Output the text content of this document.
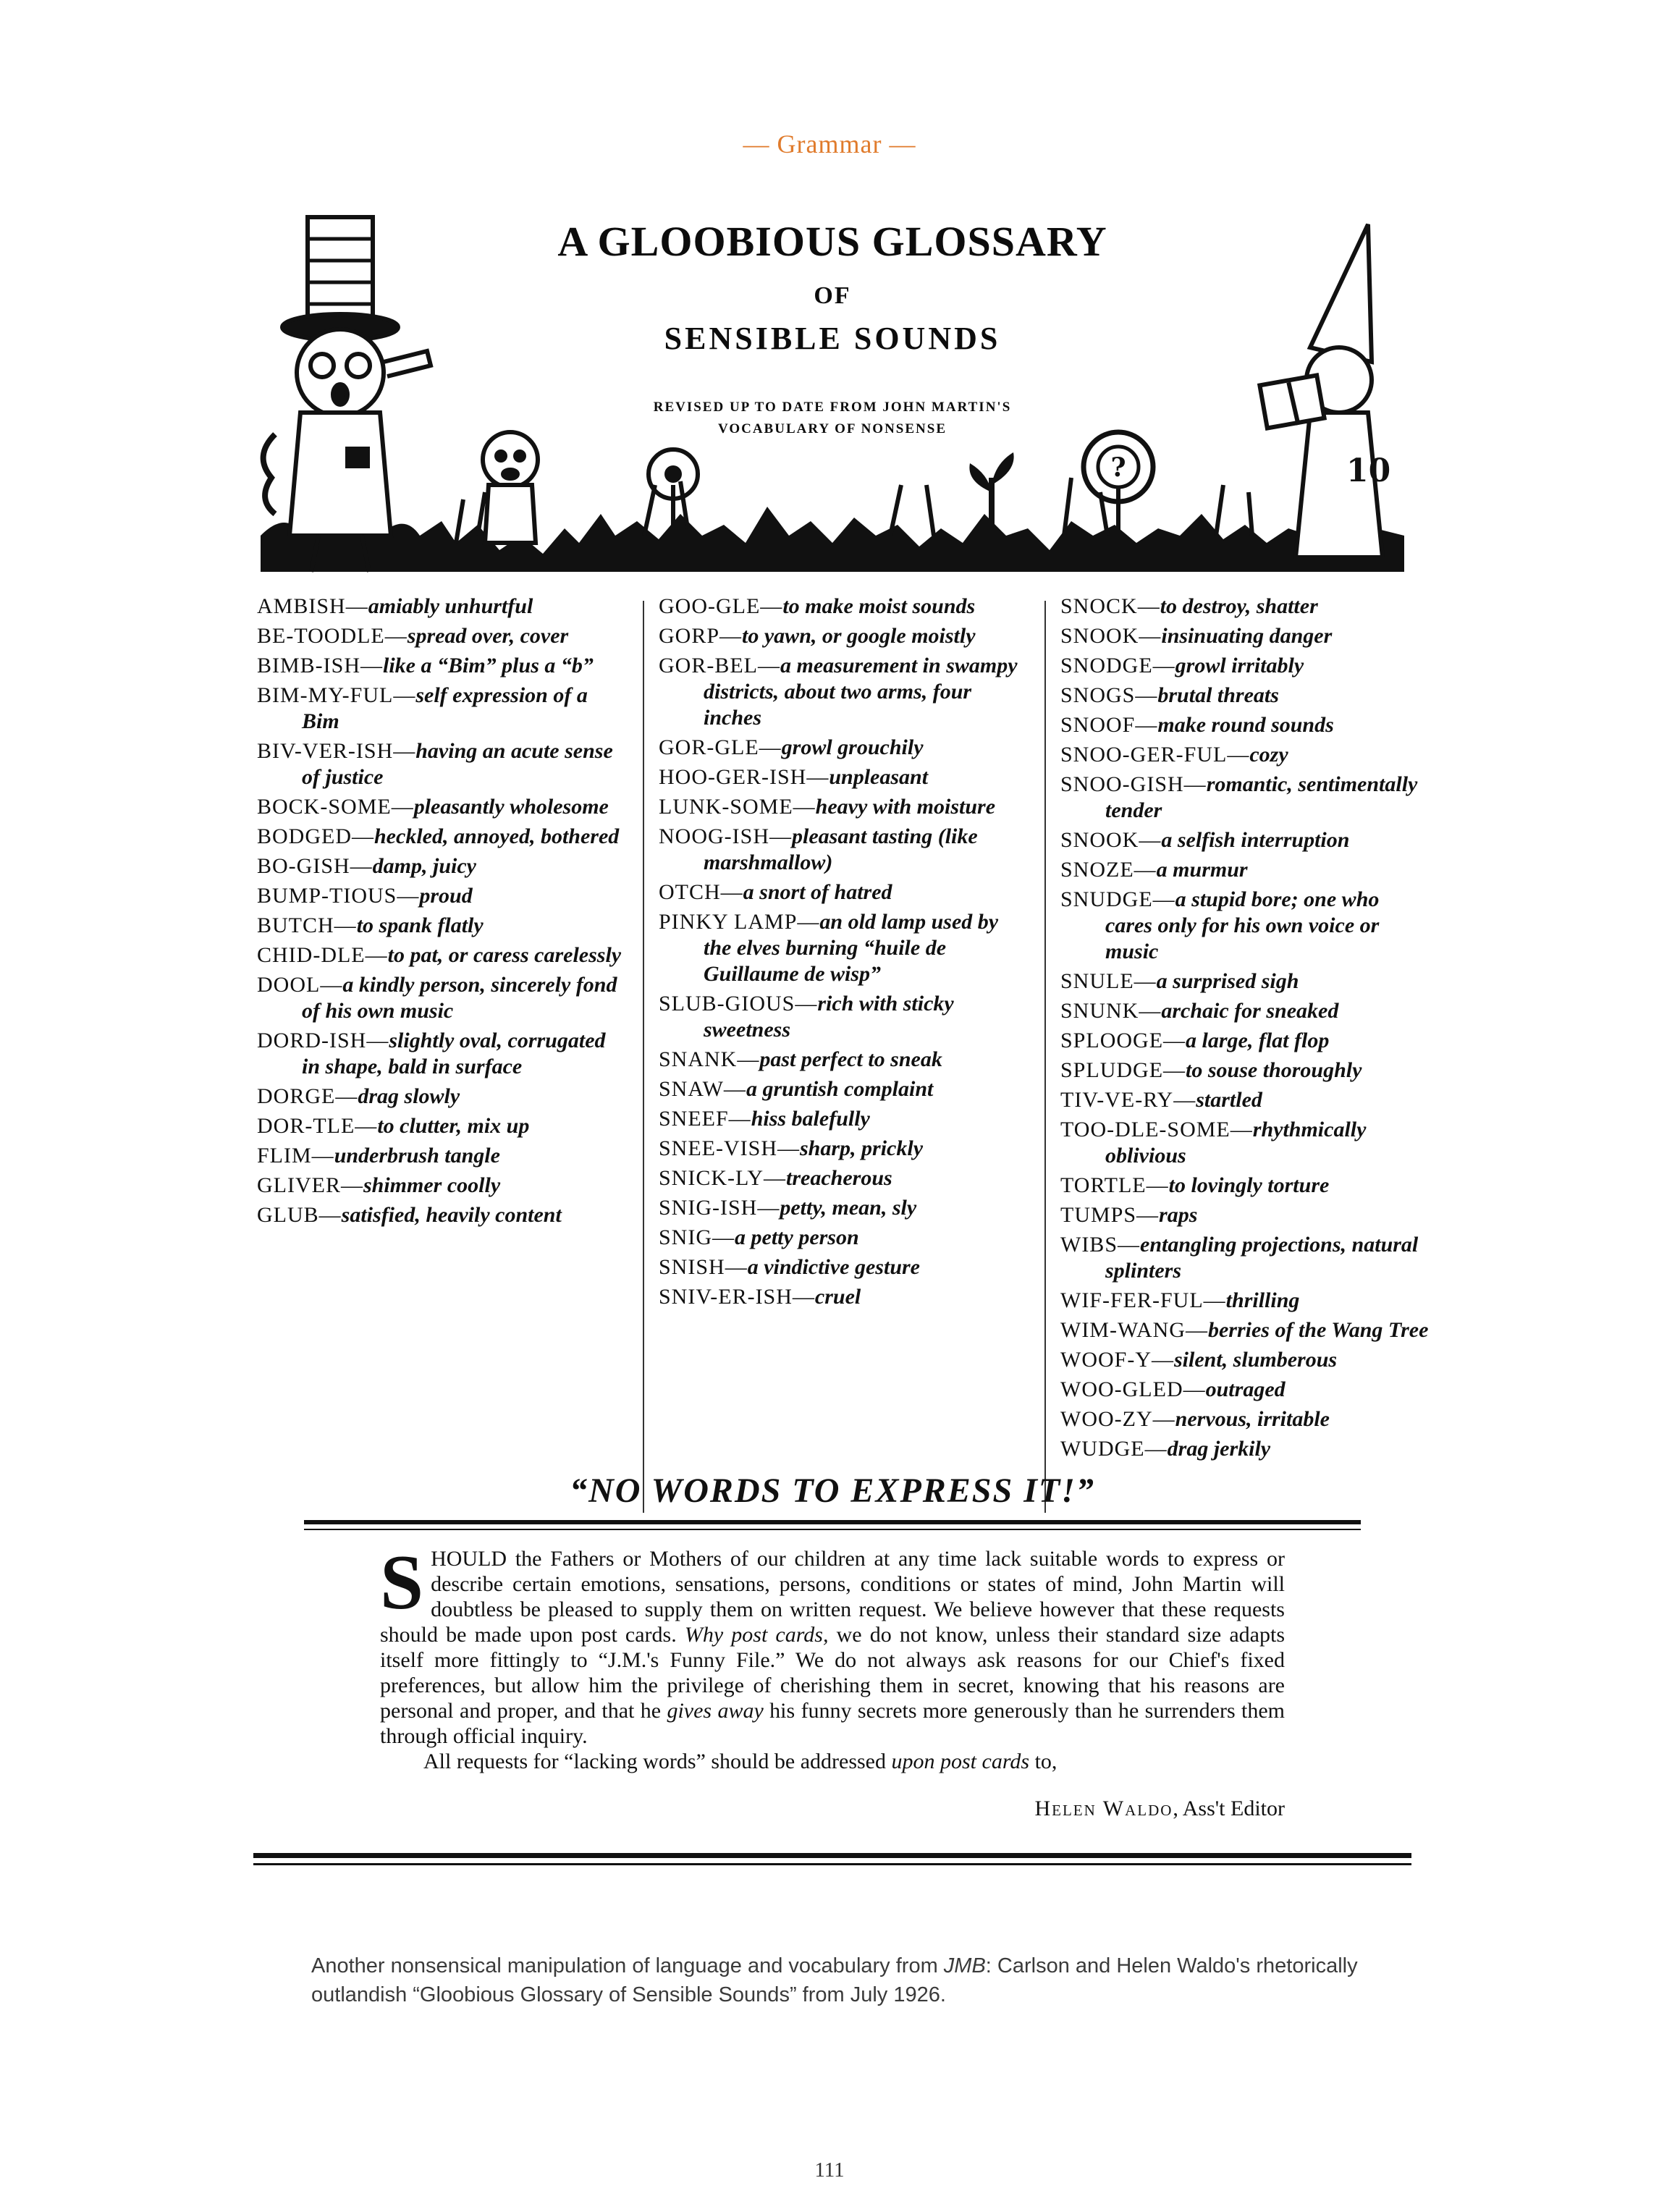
— Grammar —
?	10
A GLOOBIOUS GLOSSARY
OF
SENSIBLE SOUNDS
REVISED UP TO DATE FROM JOHN MARTIN'S
VOCABULARY OF NONSENSE
AMBISH—amiably unhurtful
BE-TOODLE—spread over, cover
BIMB-ISH—like a “Bim” plus a “b”
BIM-MY-FUL—self expression of a Bim
BIV-VER-ISH—having an acute sense of justice
BOCK-SOME—pleasantly wholesome
BODGED—heckled, annoyed, bothered
BO-GISH—damp, juicy
BUMP-TIOUS—proud
BUTCH—to spank flatly
CHID-DLE—to pat, or caress carelessly
DOOL—a kindly person, sincerely fond of his own music
DORD-ISH—slightly oval, corrugated in shape, bald in surface
DORGE—drag slowly
DOR-TLE—to clutter, mix up
FLIM—underbrush tangle
GLIVER—shimmer coolly
GLUB—satisfied, heavily content
GOO-GLE—to make moist sounds
GORP—to yawn, or google moistly
GOR-BEL—a measurement in swampy districts, about two arms, four inches
GOR-GLE—growl grouchily
HOO-GER-ISH—unpleasant
LUNK-SOME—heavy with moisture
NOOG-ISH—pleasant tasting (like marshmallow)
OTCH—a snort of hatred
PINKY LAMP—an old lamp used by the elves burning “huile de Guillaume de wisp”
SLUB-GIOUS—rich with sticky sweetness
SNANK—past perfect to sneak
SNAW—a gruntish complaint
SNEEF—hiss balefully
SNEE-VISH—sharp, prickly
SNICK-LY—treacherous
SNIG-ISH—petty, mean, sly
SNIG—a petty person
SNISH—a vindictive gesture
SNIV-ER-ISH—cruel
SNOCK—to destroy, shatter
SNOOK—insinuating danger
SNODGE—growl irritably
SNOGS—brutal threats
SNOOF—make round sounds
SNOO-GER-FUL—cozy
SNOO-GISH—romantic, sentimentally tender
SNOOK—a selfish interruption
SNOZE—a murmur
SNUDGE—a stupid bore; one who cares only for his own voice or music
SNULE—a surprised sigh
SNUNK—archaic for sneaked
SPLOOGE—a large, flat flop
SPLUDGE—to souse thoroughly
TIV-VE-RY—startled
TOO-DLE-SOME—rhythmically oblivious
TORTLE—to lovingly torture
TUMPS—raps
WIBS—entangling projections, natural splinters
WIF-FER-FUL—thrilling
WIM-WANG—berries of the Wang Tree
WOOF-Y—silent, slumberous
WOO-GLED—outraged
WOO-ZY—nervous, irritable
WUDGE—drag jerkily
“NO WORDS TO EXPRESS IT!”

SHOULD the Fathers or Mothers of our children at any time lack suitable words to express or describe certain emotions, sensations, persons, conditions or states of mind, John Martin will doubtless be pleased to supply them on written request. We believe however that these requests should be made upon post cards. Why post cards, we do not know, unless their standard size adapts itself more fittingly to “J.M.'s Funny File.” We do not always ask reasons for our Chief's fixed preferences, but allow him the privilege of cherishing them in secret, knowing that his reasons are personal and proper, and that he gives away his funny secrets more generously than he surrenders them through official inquiry.

All requests for “lacking words” should be addressed upon post cards to,

Helen Waldo, Ass't Editor

Another nonsensical manipulation of language and vocabulary from JMB: Carlson and Helen Waldo's rhetorically outlandish “Gloobious Glossary of Sensible Sounds” from July 1926.
111
